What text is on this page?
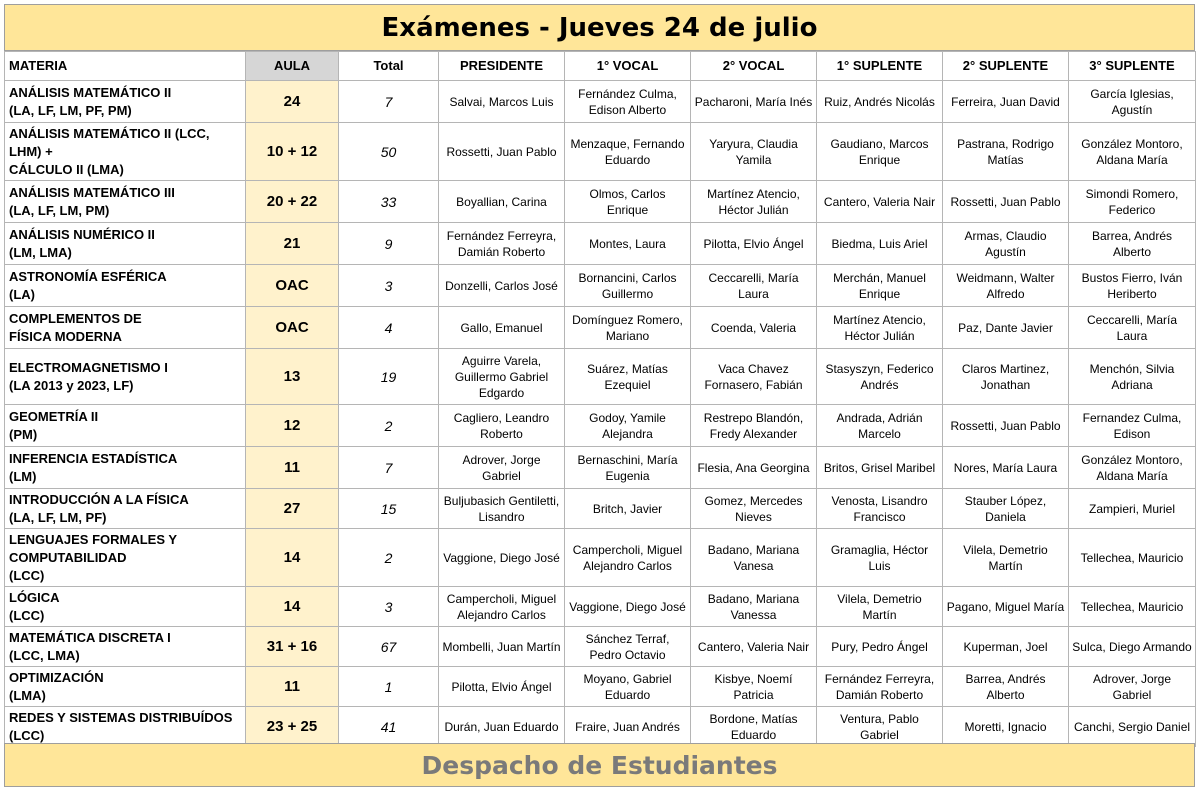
Exámenes - Jueves 24 de julio
MATERIA	AULA	Total	PRESIDENTE	1° VOCAL	2° VOCAL	1° SUPLENTE	2° SUPLENTE	3° SUPLENTE
ANÁLISIS MATEMÁTICO II
(LA, LF, LM, PF, PM)	24	7	Salvai, Marcos Luis	Fernández Culma, Edison Alberto	Pacharoni, María Inés	Ruiz, Andrés Nicolás	Ferreira, Juan David	García Iglesias, Agustín
ANÁLISIS MATEMÁTICO II (LCC,
LHM) +
CÁLCULO II (LMA)	10 + 12	50	Rossetti, Juan Pablo	Menzaque, Fernando Eduardo	Yaryura, Claudia Yamila	Gaudiano, Marcos Enrique	Pastrana, Rodrigo Matías	González Montoro, Aldana María
ANÁLISIS MATEMÁTICO III
(LA, LF, LM, PM)	20 + 22	33	Boyallian, Carina	Olmos, Carlos Enrique	Martínez Atencio, Héctor Julián	Cantero, Valeria Nair	Rossetti, Juan Pablo	Simondi Romero, Federico
ANÁLISIS NUMÉRICO II
(LM, LMA)	21	9	Fernández Ferreyra, Damián Roberto	Montes, Laura	Pilotta, Elvio Ángel	Biedma, Luis Ariel	Armas, Claudio Agustín	Barrea, Andrés Alberto
ASTRONOMÍA ESFÉRICA
(LA)	OAC	3	Donzelli, Carlos José	Bornancini, Carlos Guillermo	Ceccarelli, María Laura	Merchán, Manuel Enrique	Weidmann, Walter Alfredo	Bustos Fierro, Iván Heriberto
COMPLEMENTOS DE
FÍSICA MODERNA	OAC	4	Gallo, Emanuel	Domínguez Romero, Mariano	Coenda, Valeria	Martínez Atencio, Héctor Julián	Paz, Dante Javier	Ceccarelli, María Laura
ELECTROMAGNETISMO I
(LA 2013 y 2023, LF)	13	19	Aguirre Varela, Guillermo Gabriel Edgardo	Suárez, Matías Ezequiel	Vaca Chavez Fornasero, Fabián	Stasyszyn, Federico Andrés	Claros Martinez, Jonathan	Menchón, Silvia Adriana
GEOMETRÍA II
(PM)	12	2	Cagliero, Leandro Roberto	Godoy, Yamile Alejandra	Restrepo Blandón, Fredy Alexander	Andrada, Adrián Marcelo	Rossetti, Juan Pablo	Fernandez Culma, Edison
INFERENCIA ESTADÍSTICA
(LM)	11	7	Adrover, Jorge Gabriel	Bernaschini, María Eugenia	Flesia, Ana Georgina	Britos, Grisel Maribel	Nores, María Laura	González Montoro, Aldana María
INTRODUCCIÓN A LA FÍSICA
(LA, LF, LM, PF)	27	15	Buljubasich Gentiletti, Lisandro	Britch, Javier	Gomez, Mercedes Nieves	Venosta, Lisandro Francisco	Stauber López, Daniela	Zampieri, Muriel
LENGUAJES FORMALES Y
COMPUTABILIDAD
(LCC)	14	2	Vaggione, Diego José	Campercholi, Miguel Alejandro Carlos	Badano, Mariana Vanesa	Gramaglia, Héctor Luis	Vilela, Demetrio Martín	Tellechea, Mauricio
LÓGICA
(LCC)	14	3	Campercholi, Miguel Alejandro Carlos	Vaggione, Diego José	Badano, Mariana Vanessa	Vilela, Demetrio Martín	Pagano, Miguel María	Tellechea, Mauricio
MATEMÁTICA DISCRETA I
(LCC, LMA)	31 + 16	67	Mombelli, Juan Martín	Sánchez Terraf, Pedro Octavio	Cantero, Valeria Nair	Pury, Pedro Ángel	Kuperman, Joel	Sulca, Diego Armando
OPTIMIZACIÓN
(LMA)	11	1	Pilotta, Elvio Ángel	Moyano, Gabriel Eduardo	Kisbye, Noemí Patricia	Fernández Ferreyra, Damián Roberto	Barrea, Andrés Alberto	Adrover, Jorge Gabriel
REDES Y SISTEMAS DISTRIBUÍDOS
(LCC)	23 + 25	41	Durán, Juan Eduardo	Fraire, Juan Andrés	Bordone, Matías Eduardo	Ventura, Pablo Gabriel	Moretti, Ignacio	Canchi, Sergio Daniel
Despacho de Estudiantes
